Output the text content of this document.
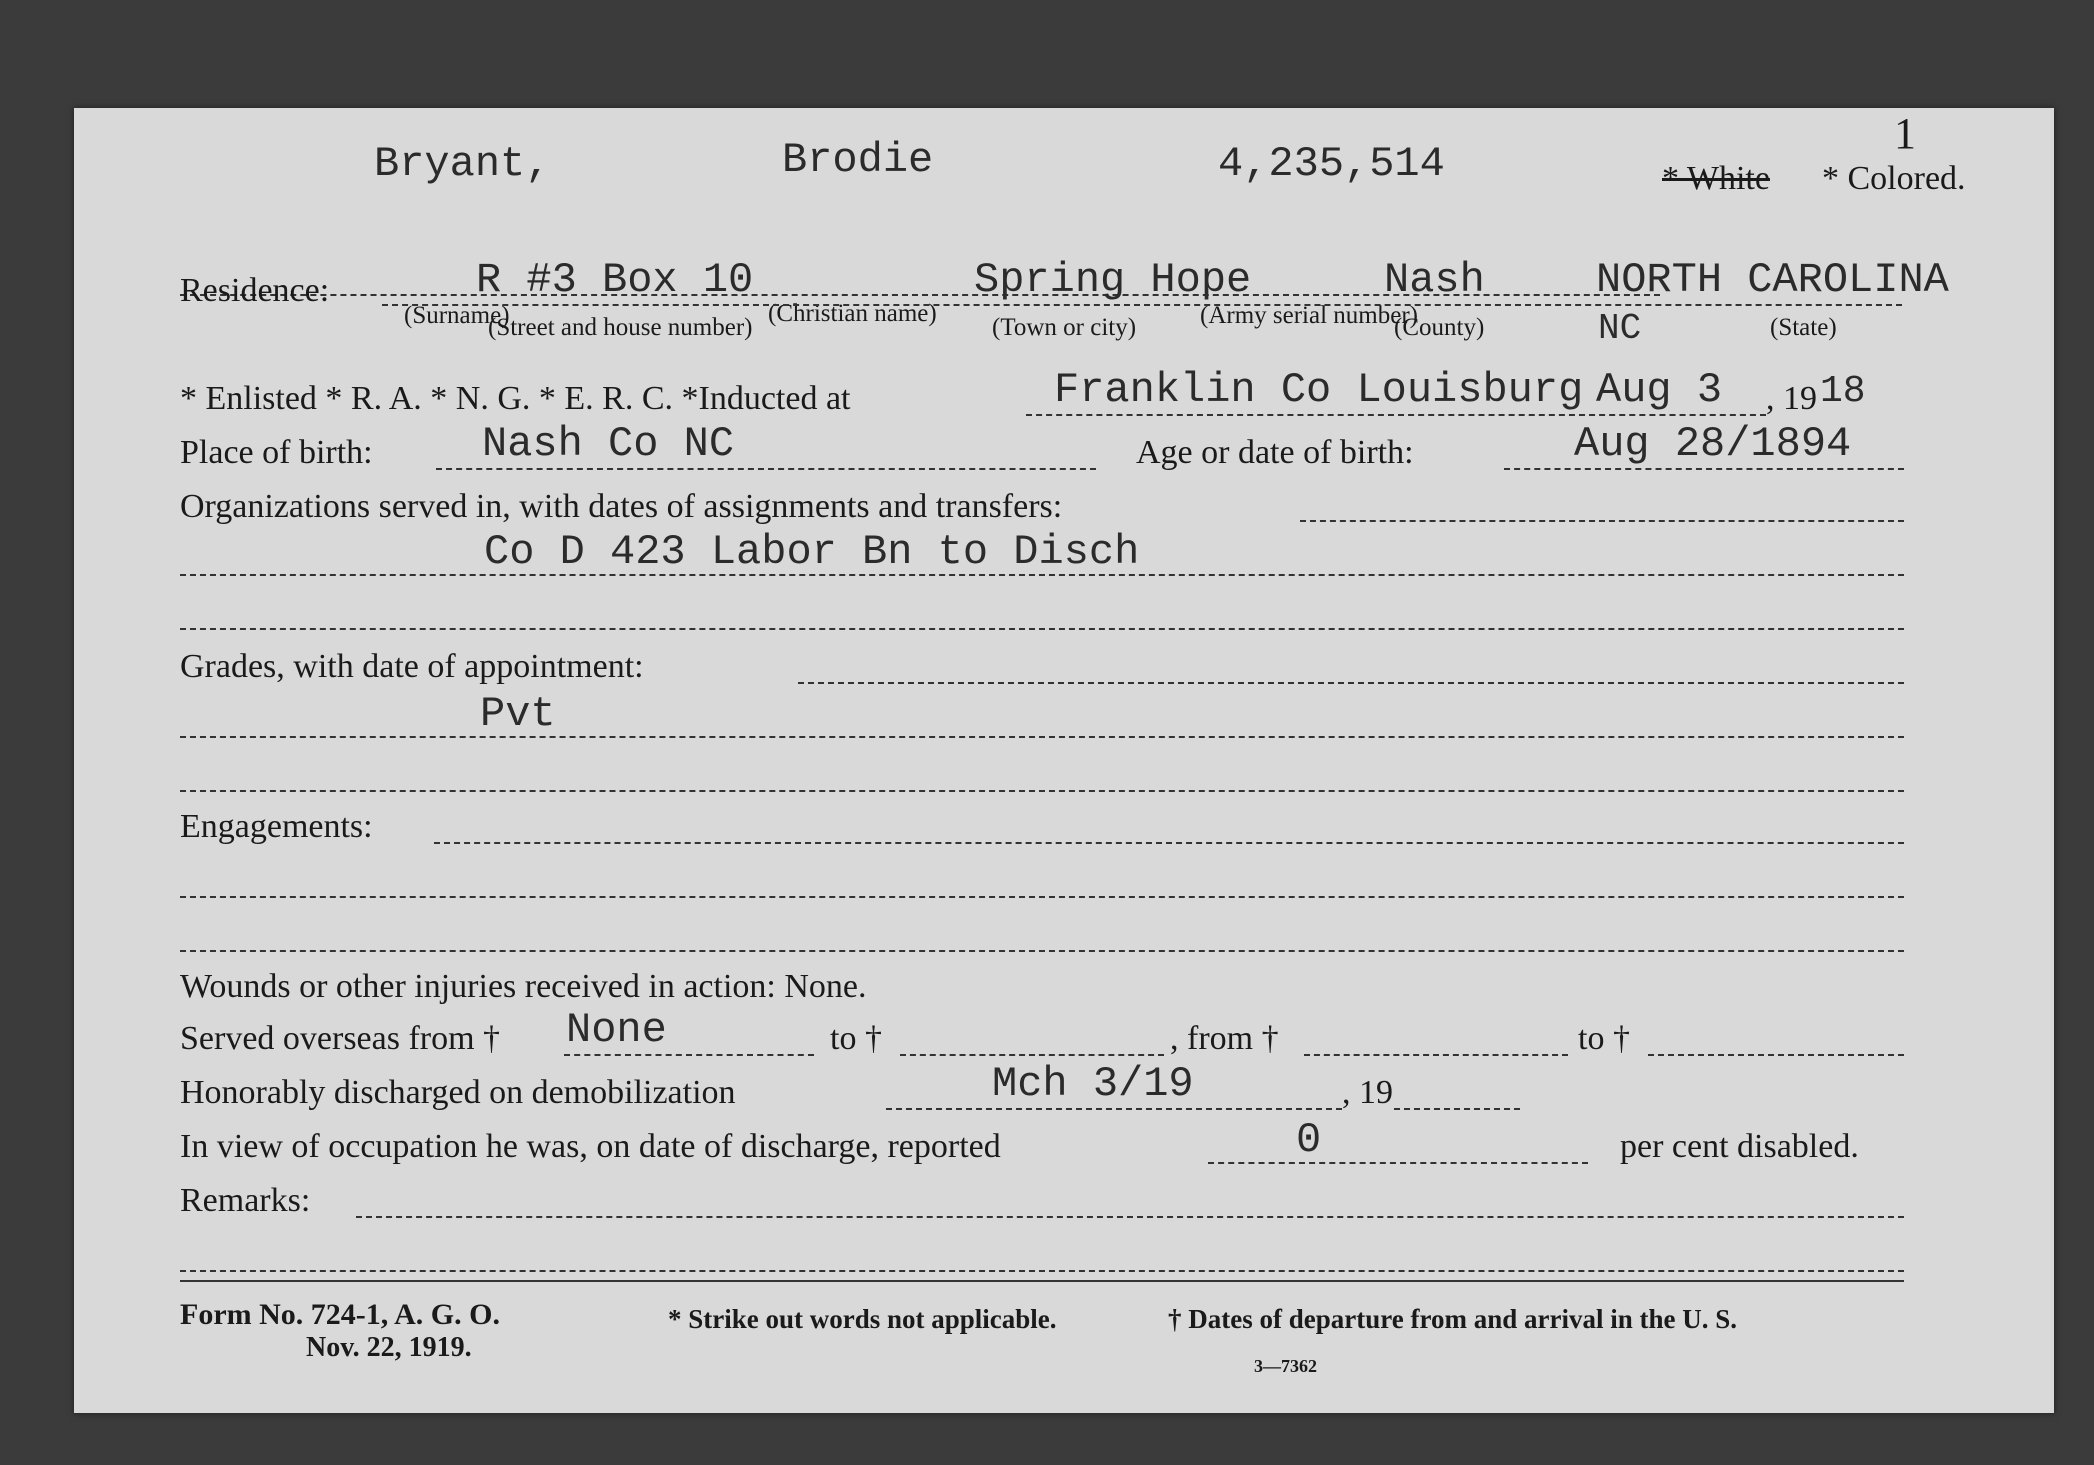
1
Bryant,	Brodie	4,235,514	* White * Colored.
(Surname)	(Christian name)	(Army serial number)
Residence:	R #3 Box 10	Spring Hope	Nash	NORTH CAROLINA
(Street and house number)	(Town or city)	(County)	NC	(State)
* Enlisted * R. A. * N. G. * E. R. C. *Inducted at	Franklin Co Louisburg Aug 3 , 19 18
Place of birth:	Nash Co NC	Age or date of birth:	Aug 28/1894
Organizations served in, with dates of assignments and transfers:
Co D 423 Labor Bn to Disch
Grades, with date of appointment:
Pvt
Engagements:
Wounds or other injuries received in action: None.
Served overseas from † None	to †	, from †	to †
Honorably discharged on demobilization	Mch 3/19	, 19
In view of occupation he was, on date of discharge, reported	0	per cent disabled.
Remarks:
Form No. 724-1, A. G. O.
Nov. 22, 1919.
* Strike out words not applicable.	† Dates of departure from and arrival in the U. S.
3—7362
